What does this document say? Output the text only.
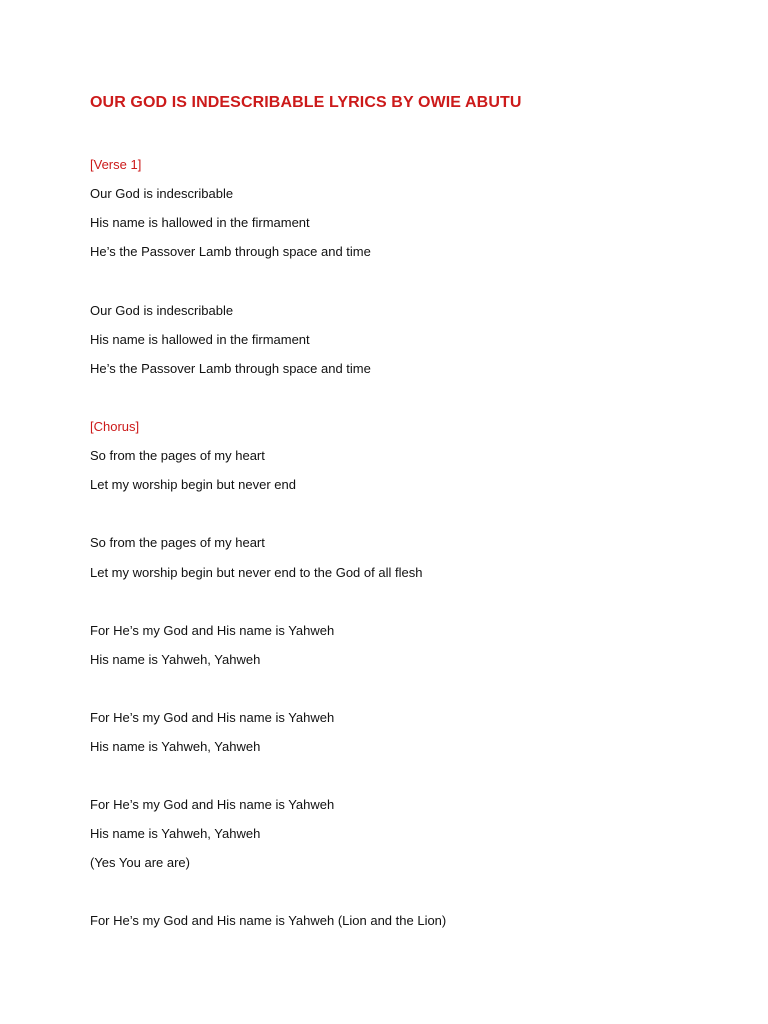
OUR GOD IS INDESCRIBABLE LYRICS BY OWIE ABUTU
[Verse 1]
Our God is indescribable
His name is hallowed in the firmament
He’s the Passover Lamb through space and time
Our God is indescribable
His name is hallowed in the firmament
He’s the Passover Lamb through space and time
[Chorus]
So from the pages of my heart
Let my worship begin but never end
So from the pages of my heart
Let my worship begin but never end to the God of all flesh
For He’s my God and His name is Yahweh
His name is Yahweh, Yahweh
For He’s my God and His name is Yahweh
His name is Yahweh, Yahweh
For He’s my God and His name is Yahweh
His name is Yahweh, Yahweh
(Yes You are are)
For He’s my God and His name is Yahweh (Lion and the Lion)
